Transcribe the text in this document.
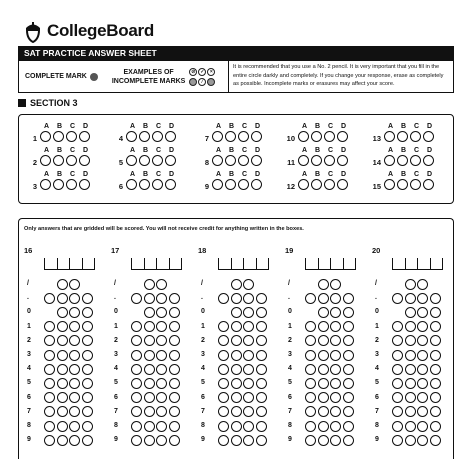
CollegeBoard
SAT PRACTICE ANSWER SHEET
COMPLETE MARK
EXAMPLES OF
INCOMPLETE MARKS
⊘ ✓	×
⁄
It is recommended that you use a No. 2 pencil. It is very important that you fill in the entire circle darkly and completely. If you change your response, erase as completely as possible. Incomplete marks or erasures may affect your score.
SECTION 3
1
A	B	C	D
2
A	B	C	D
3
A	B	C	D
4
A	B	C	D
5
A	B	C	D
6
A	B	C	D
7
A	B	C	D
8
A	B	C	D
9
A	B	C	D
10
A	B	C	D
11
A	B	C	D
12
A	B	C	D
13
A	B	C	D
14
A	B	C	D
15
A	B	C	D
Only answers that are gridded will be scored. You will not receive credit for anything written in the boxes.
16
/
.
0
1
2
3
4
5
6
7
8
9
17
/
.
0
1
2
3
4
5
6
7
8
9
18
/
.
0
1
2
3
4
5
6
7
8
9
19
/
.
0
1
2
3
4
5
6
7
8
9
20
/
.
0
1
2
3
4
5
6
7
8
9
